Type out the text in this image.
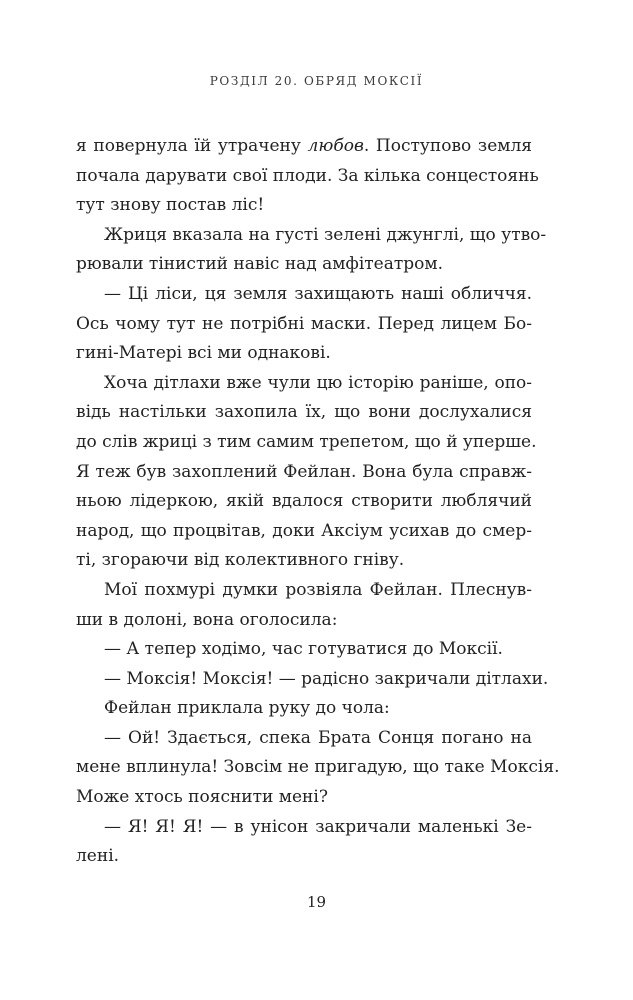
РОЗДІЛ 20. ОБРЯД МОКСІЇ
я повернула їй утрачену любов. Поступово земля
почала дарувати свої плоди. За кілька сонцестоянь
тут знову постав ліс!
Жриця вказала на густі зелені джунглі, що утво-
рювали тінистий навіс над амфітеатром.
— Ці ліси, ця земля захищають наші обличчя.
Ось чому тут не потрібні маски. Перед лицем Бо-
гині-Матері всі ми однакові.
Хоча дітлахи вже чули цю історію раніше, опо-
відь настільки захопила їх, що вони дослухалися
до слів жриці з тим самим трепетом, що й уперше.
Я теж був захоплений Фейлан. Вона була справж-
ньою лідеркою, якій вдалося створити люблячий
народ, що процвітав, доки Аксіум усихав до смер-
ті, згораючи від колективного гніву.
Мої похмурі думки розвіяла Фейлан. Плеснув-
ши в долоні, вона оголосила:
— А тепер ходімо, час готуватися до Моксії.
— Моксія! Моксія! — радісно закричали дітлахи.
Фейлан приклала руку до чола:
— Ой! Здається, спека Брата Сонця погано на
мене вплинула! Зовсім не пригадую, що таке Моксія.
Може хтось пояснити мені?
— Я! Я! Я! — в унісон закричали маленькі Зе-
лені.
19
